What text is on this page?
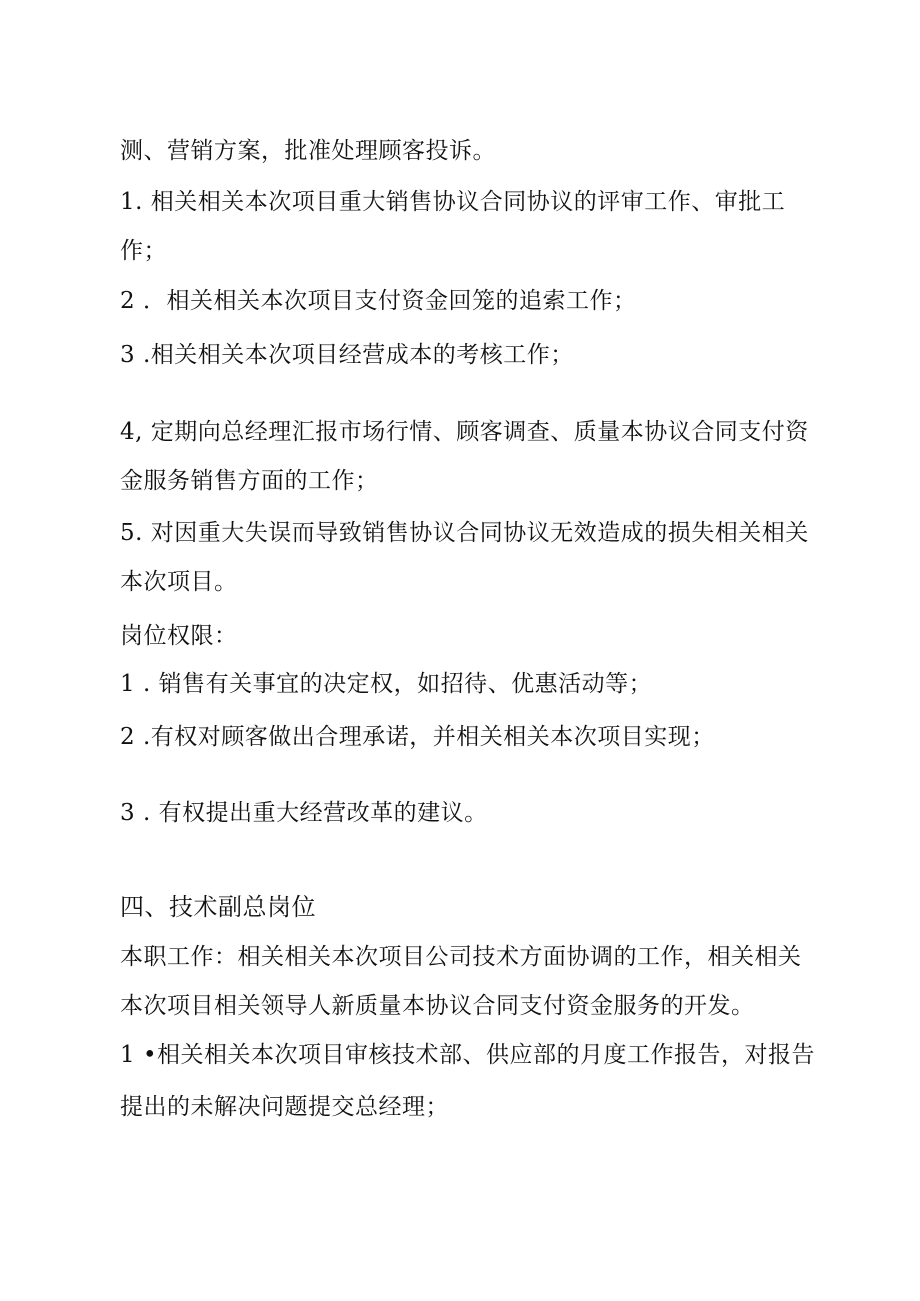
测、营销方案，批准处理顾客投诉。
1. 相关相关本次项目重大销售协议合同协议的评审工作、审批工
作；
2 ．相关相关本次项目支付资金回笼的追索工作；
3 .相关相关本次项目经营成本的考核工作；
4, 定期向总经理汇报市场行情、顾客调查、质量本协议合同支付资
金服务销售方面的工作；
5. 对因重大失误而导致销售协议合同协议无效造成的损失相关相关
本次项目。
岗位权限：
1 . 销售有关事宜的决定权，如招待、优惠活动等；
2 .有权对顾客做出合理承诺，并相关相关本次项目实现；
3 . 有权提出重大经营改革的建议。
四、技术副总岗位
本职工作：相关相关本次项目公司技术方面协调的工作，相关相关
本次项目相关领导人新质量本协议合同支付资金服务的开发。
1 •相关相关本次项目审核技术部、供应部的月度工作报告，对报告
提出的未解决问题提交总经理；
